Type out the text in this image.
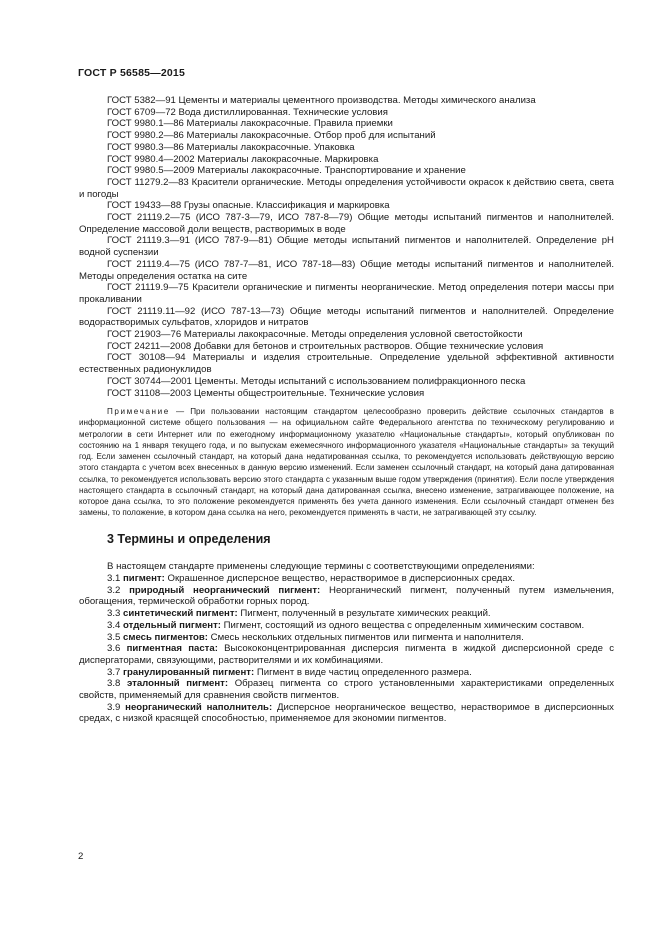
ГОСТ Р 56585—2015

ГОСТ 5382—91 Цементы и материалы цементного производства. Методы химического анализа

ГОСТ 6709—72 Вода дистиллированная. Технические условия

ГОСТ 9980.1—86 Материалы лакокрасочные. Правила приемки

ГОСТ 9980.2—86 Материалы лакокрасочные. Отбор проб для испытаний

ГОСТ 9980.3—86 Материалы лакокрасочные. Упаковка

ГОСТ 9980.4—2002 Материалы лакокрасочные. Маркировка

ГОСТ 9980.5—2009 Материалы лакокрасочные. Транспортирование и хранение

ГОСТ 11279.2—83 Красители органические. Методы определения устойчивости окрасок к действию света, света и погоды

ГОСТ 19433—88 Грузы опасные. Классификация и маркировка

ГОСТ 21119.2—75 (ИСО 787-3—79, ИСО 787-8—79) Общие методы испытаний пигментов и наполнителей. Определение массовой доли веществ, растворимых в воде

ГОСТ 21119.3—91 (ИСО 787-9—81) Общие методы испытаний пигментов и наполнителей. Определение рН водной суспензии

ГОСТ 21119.4—75 (ИСО 787-7—81, ИСО 787-18—83) Общие методы испытаний пигментов и наполнителей. Методы определения остатка на сите

ГОСТ 21119.9—75 Красители органические и пигменты неорганические. Метод определения потери массы при прокаливании

ГОСТ 21119.11—92 (ИСО 787-13—73) Общие методы испытаний пигментов и наполнителей. Определение водорастворимых сульфатов, хлоридов и нитратов

ГОСТ 21903—76 Материалы лакокрасочные. Методы определения условной светостойкости

ГОСТ 24211—2008 Добавки для бетонов и строительных растворов. Общие технические условия

ГОСТ 30108—94 Материалы и изделия строительные. Определение удельной эффективной активности естественных радионуклидов

ГОСТ 30744—2001 Цементы. Методы испытаний с использованием полифракционного песка

ГОСТ 31108—2003 Цементы общестроительные. Технические условия

Примечание — При пользовании настоящим стандартом целесообразно проверить действие ссылочных стандартов в информационной системе общего пользования — на официальном сайте Федерального агентства по техническому регулированию и метрологии в сети Интернет или по ежегодному информационному указателю «Национальные стандарты», который опубликован по состоянию на 1 января текущего года, и по выпускам ежемесячного информационного указателя «Национальные стандарты» за текущий год. Если заменен ссылочный стандарт, на который дана недатированная ссылка, то рекомендуется использовать действующую версию этого стандарта с учетом всех внесенных в данную версию изменений. Если заменен ссылочный стандарт, на который дана датированная ссылка, то рекомендуется использовать версию этого стандарта с указанным выше годом утверждения (принятия). Если после утверждения настоящего стандарта в ссылочный стандарт, на который дана датированная ссылка, внесено изменение, затрагивающее положение, на которое дана ссылка, то это положение рекомендуется применять без учета данного изменения. Если ссылочный стандарт отменен без замены, то положение, в котором дана ссылка на него, рекомендуется применять в части, не затрагивающей эту ссылку.

3 Термины и определения

В настоящем стандарте применены следующие термины с соответствующими определениями:

3.1 пигмент: Окрашенное дисперсное вещество, нерастворимое в дисперсионных средах.

3.2 природный неорганический пигмент: Неорганический пигмент, полученный путем измельчения, обогащения, термической обработки горных пород.

3.3 синтетический пигмент: Пигмент, полученный в результате химических реакций.

3.4 отдельный пигмент: Пигмент, состоящий из одного вещества с определенным химическим составом.

3.5 смесь пигментов: Смесь нескольких отдельных пигментов или пигмента и наполнителя.

3.6 пигментная паста: Высококонцентрированная дисперсия пигмента в жидкой дисперсионной среде с диспергаторами, связующими, растворителями и их комбинациями.

3.7 гранулированный пигмент: Пигмент в виде частиц определенного размера.

3.8 эталонный пигмент: Образец пигмента со строго установленными характеристиками определенных свойств, применяемый для сравнения свойств пигментов.

3.9 неорганический наполнитель: Дисперсное неорганическое вещество, нерастворимое в дисперсионных средах, с низкой красящей способностью, применяемое для экономии пигментов.

2
